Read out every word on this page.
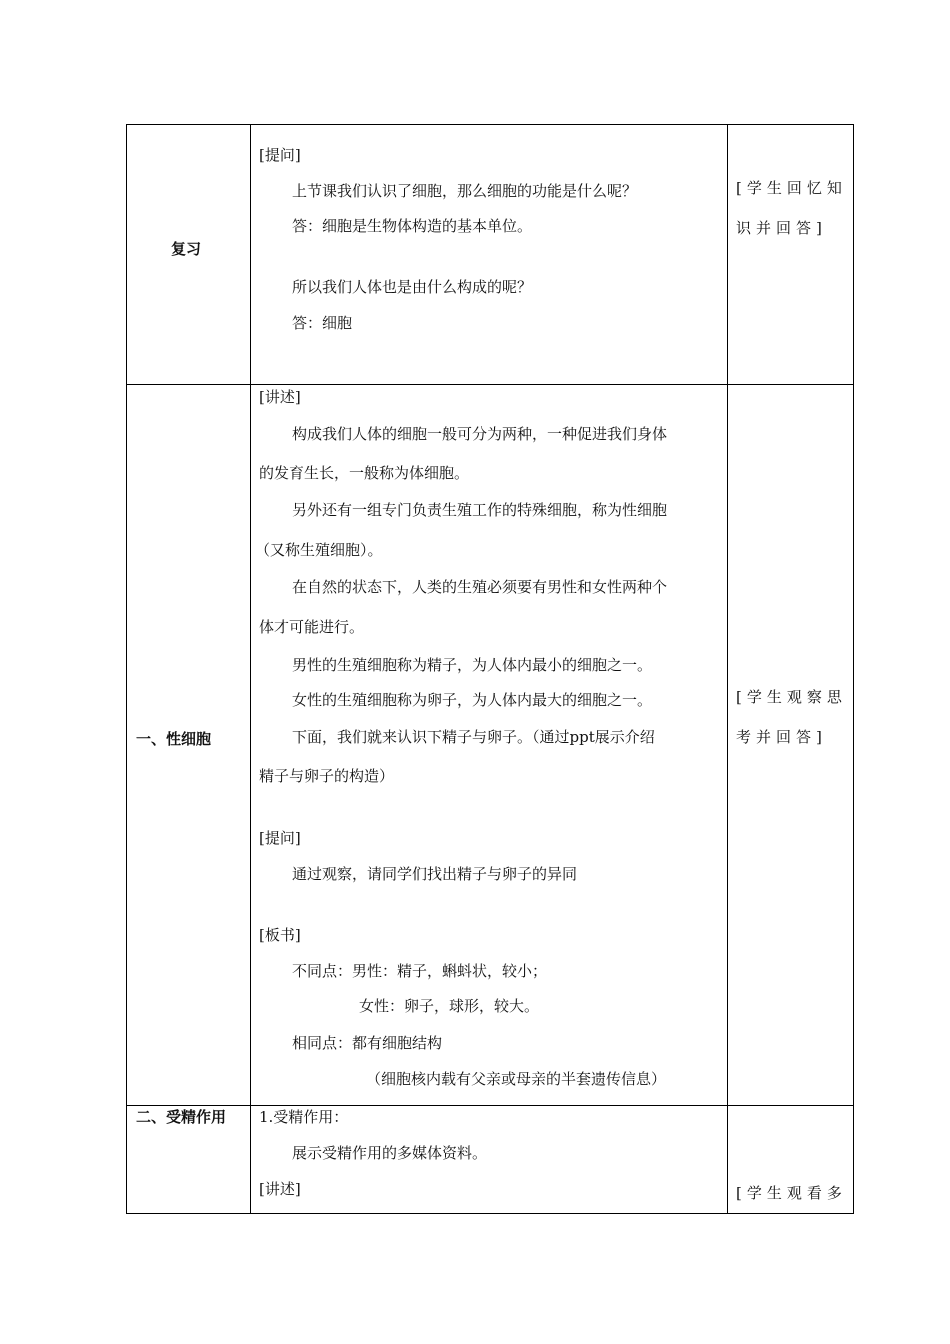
复习
[提问]
上节课我们认识了细胞，那么细胞的功能是什么呢？
答：细胞是生物体构造的基本单位。
所以我们人体也是由什么构成的呢？
答：细胞
[学生回忆知
识并回答]
一、性细胞
[讲述]
构成我们人体的细胞一般可分为两种，一种促进我们身体
的发育生长，一般称为体细胞。
另外还有一组专门负责生殖工作的特殊细胞，称为性细胞
（又称生殖细胞）。
在自然的状态下，人类的生殖必须要有男性和女性两种个
体才可能进行。
男性的生殖细胞称为精子，为人体内最小的细胞之一。
女性的生殖细胞称为卵子，为人体内最大的细胞之一。
下面，我们就来认识下精子与卵子。（通过ppt展示介绍
精子与卵子的构造）
[提问]
通过观察，请同学们找出精子与卵子的异同
[板书]
不同点：男性：精子，蝌蚪状，较小；
女性：卵子，球形，较大。
相同点：都有细胞结构
（细胞核内载有父亲或母亲的半套遗传信息）
[学生观察思
考并回答]
二、受精作用 1.受精作用：
展示受精作用的多媒体资料。
[讲述]	[学生观看多
